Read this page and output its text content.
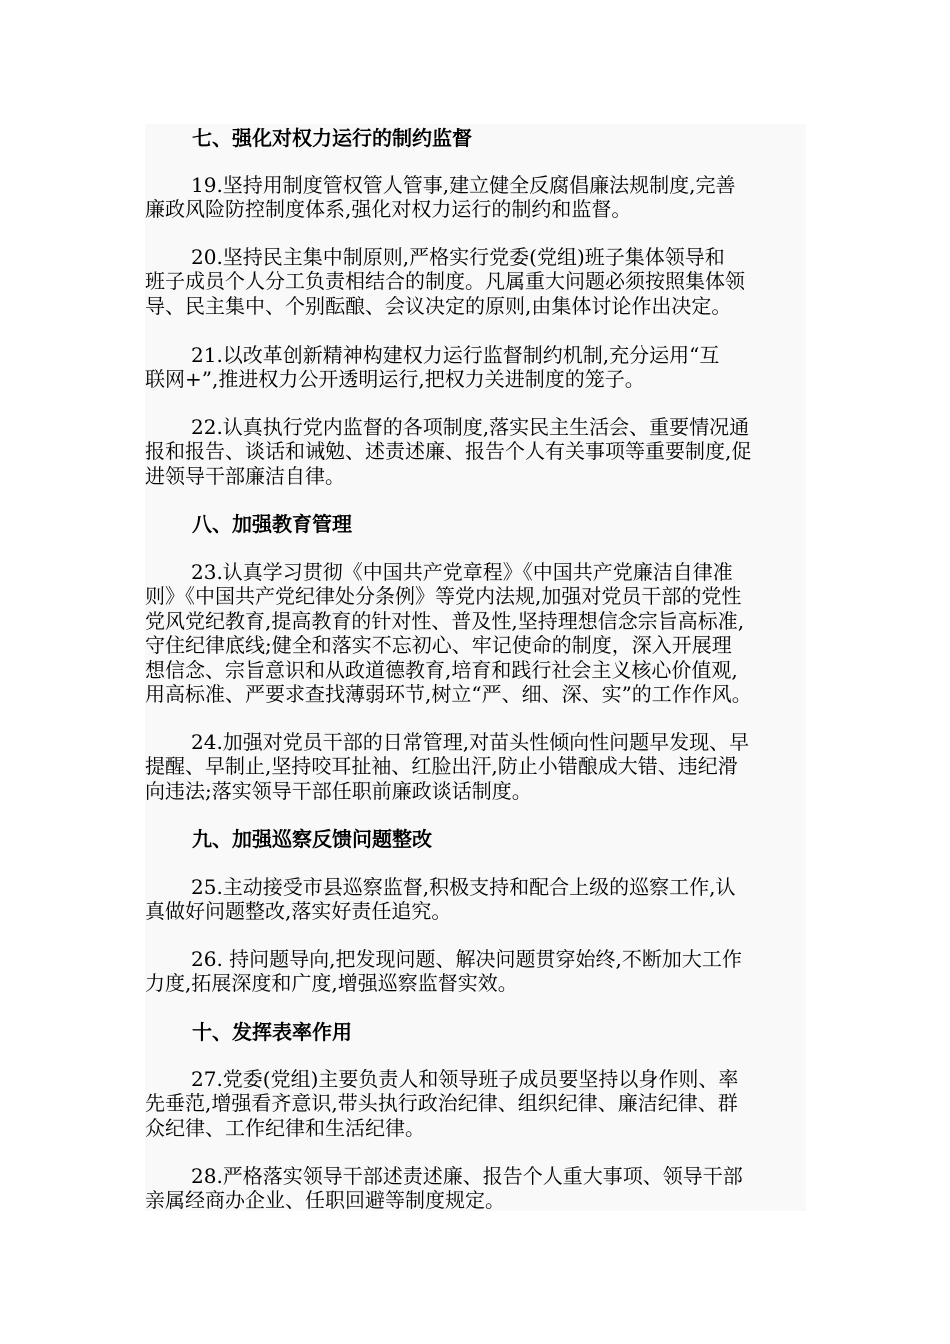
七、强化对权力运行的制约监督
19.坚持用制度管权管人管事,建立健全反腐倡廉法规制度,完善
廉政风险防控制度体系,强化对权力运行的制约和监督。
20.坚持民主集中制原则,严格实行党委(党组)班子集体领导和
班子成员个人分工负责相结合的制度。凡属重大问题必须按照集体领
导、民主集中、个别酝酿、会议决定的原则,由集体讨论作出决定。
21.以改革创新精神构建权力运行监督制约机制,充分运用“互
联网+”,推进权力公开透明运行,把权力关进制度的笼子。
22.认真执行党内监督的各项制度,落实民主生活会、重要情况通
报和报告、谈话和诫勉、述责述廉、报告个人有关事项等重要制度,促
进领导干部廉洁自律。
八、加强教育管理
23.认真学习贯彻《中国共产党章程》《中国共产党廉洁自律准
则》《中国共产党纪律处分条例》等党内法规,加强对党员干部的党性
党风党纪教育,提高教育的针对性、普及性,坚持理想信念宗旨高标准,
守住纪律底线;健全和落实不忘初心、牢记使命的制度，深入开展理
想信念、宗旨意识和从政道德教育,培育和践行社会主义核心价值观,
用高标准、严要求查找薄弱环节,树立“严、细、深、实”的工作作风。
24.加强对党员干部的日常管理,对苗头性倾向性问题早发现、早
提醒、早制止,坚持咬耳扯袖、红脸出汗,防止小错酿成大错、违纪滑
向违法;落实领导干部任职前廉政谈话制度。
九、加强巡察反馈问题整改
25.主动接受市县巡察监督,积极支持和配合上级的巡察工作,认
真做好问题整改,落实好责任追究。
26. 持问题导向,把发现问题、解决问题贯穿始终,不断加大工作
力度,拓展深度和广度,增强巡察监督实效。
十、发挥表率作用
27.党委(党组)主要负责人和领导班子成员要坚持以身作则、率
先垂范,增强看齐意识,带头执行政治纪律、组织纪律、廉洁纪律、群
众纪律、工作纪律和生活纪律。
28.严格落实领导干部述责述廉、报告个人重大事项、领导干部
亲属经商办企业、任职回避等制度规定。
